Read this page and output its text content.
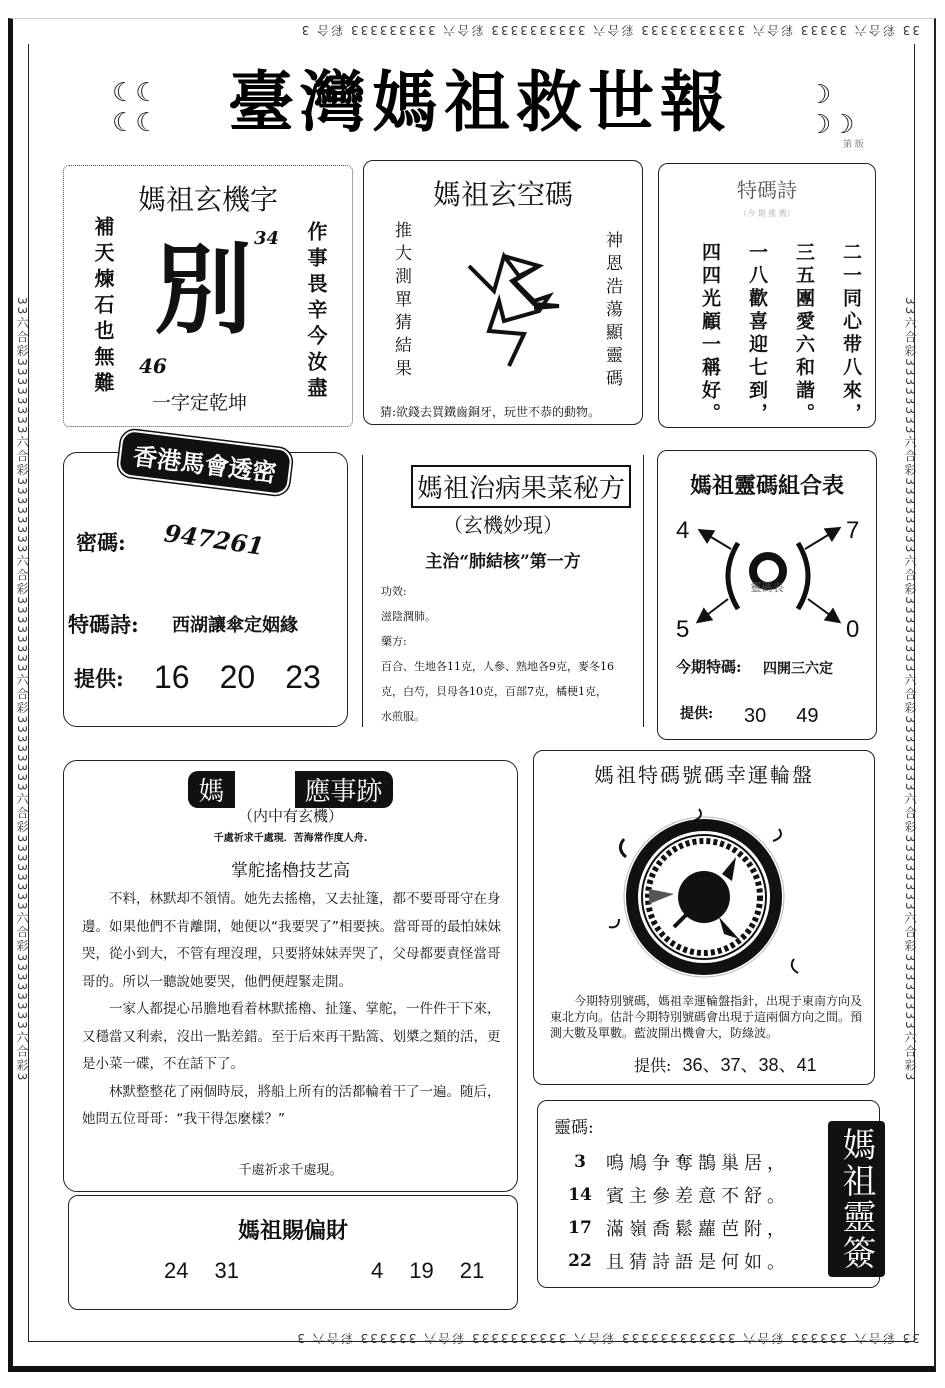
33 彩合六 33333 彩合六 33333333333 彩合六 3333333333 彩合六 333333333 彩合 3
33 彩合六 333333 彩合六 333333333333 彩合六 3333333333 彩合六 333333 彩合六 3
33六合彩33333333六合彩33333333六合彩33333333六合彩33333333六合彩33333333六合彩33333333六合彩3	33六合彩33333333六合彩33333333六合彩33333333六合彩33333333六合彩33333333六合彩33333333六合彩3
☾☾
☾☾
☽
☽☽
臺灣媽祖救世報
第 版
媽祖玄機字
補天煉石也無難	作事畏辛今汝盡
別 34
46
一字定乾坤
媽祖玄空碼
推大測單猜結果	神恩浩蕩顯靈碼
猜:欲錢去買鐵齒銅牙，玩世不恭的動物。
特碼詩
（今 期 推 薦）
二一同心带八來，
三五團愛六和諧。
一八歡喜迎七到，
四四光顧一稱好。
香港馬會透密
密碼: 947261
特碼詩: 西湖讓傘定姻緣
提供: 16 20 23
媽祖治病果菜秘方
（玄機妙現）
主治“肺結核”第一方
功效:
滋陰潤肺。
藥方:
百合、生地各11克，人參、熟地各9克，麥冬16
克，白芍，貝母各10克，百部7克，橘梗1克，
水煎服。
媽祖靈碼組合表
4	7
5	0
靈碼表
今期特碼: 四開三六定
提供: 30 49
媽	應事跡
（内中有玄機）
千處祈求千處現．苦海常作度人舟.
掌舵搖櫓技艺高

不料，林默却不領情。她先去搖櫓，又去扯篷，都不要哥哥守在身邊。如果他們不肯離開，她便以“我要哭了”相要挾。當哥哥的最怕妹妹哭，從小到大，不管有理沒理，只要將妹妹弄哭了，父母都要責怪當哥哥的。所以一聽說她要哭，他們便趕緊走開。

一家人都提心吊膽地看着林默搖櫓、扯篷、掌舵，一件件干下來，又穩當又利索，沒出一點差錯。至于后來再干點篙、划槳之類的活，更是小菜一碟，不在話下了。

林默整整花了兩個時辰，將船上所有的活都輪着干了一遍。随后，她問五位哥哥：“我干得怎麼樣？”

千處祈求千處現。
媽祖賜偏財
24 31	4 19 21
媽祖特碼號碼幸運輪盤
今期特別號碼，媽祖幸運輪盤指針，出現于東南方向及東北方向。估計今期特別號碼會出現于這兩個方向之間。預測大數及單數。藍波開出機會大，防綠波。
提供: 36、37、38、41
靈碼:
3	鳴鳩争奪鵲巢居，
14 賓主參差意不舒。
17 滿嶺喬鬆蘿芭附，
22 且猜詩語是何如。 媽祖靈簽
